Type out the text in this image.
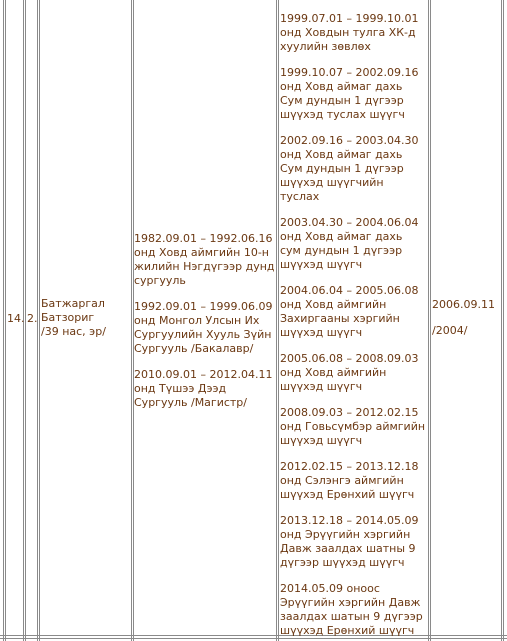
14. 2.
Батжаргал
Батзориг
/39 нас, эр/
1982.09.01 – 1992.06.16 онд Ховд аймгийн 10-н жилийн Нэгдүгээр дунд сургууль
1992.09.01 – 1999.06.09 онд Монгол Улсын Их Сургуулийн Хууль Зүйн Сургууль /Бакалавр/
2010.09.01 – 2012.04.11 онд Түшээ Дээд Сургууль /Магистр/
1999.07.01 – 1999.10.01 онд Ховдын тулга ХК-д хуулийн зөвлөх
1999.10.07 – 2002.09.16 онд Ховд аймаг дахь Сум дундын 1 дүгээр шүүхэд туслах шүүгч
2002.09.16 – 2003.04.30 онд Ховд аймаг дахь Сум дундын 1 дүгээр шүүхэд шүүгчийн туслах
2003.04.30 – 2004.06.04 онд Ховд аймаг дахь сум дундын 1 дүгээр шүүхэд шүүгч
2004.06.04 – 2005.06.08 онд Ховд аймгийн Захиргааны хэргийн шүүхэд шүүгч
2005.06.08 – 2008.09.03 онд Ховд аймгийн шүүхэд шүүгч
2008.09.03 – 2012.02.15 онд Говьсүмбэр аймгийн шүүхэд шүүгч
2012.02.15 – 2013.12.18 онд Сэлэнгэ аймгийн шүүхэд Ерөнхий шүүгч
2013.12.18 – 2014.05.09 онд Эрүүгийн хэргийн Давж заалдах шатны 9 дүгээр шүүхэд шүүгч
2014.05.09 оноос Эрүүгийн хэргийн Давж заалдах шатын 9 дүгээр шүүхэд Ерөнхий шүүгч
2006.09.11
/2004/
